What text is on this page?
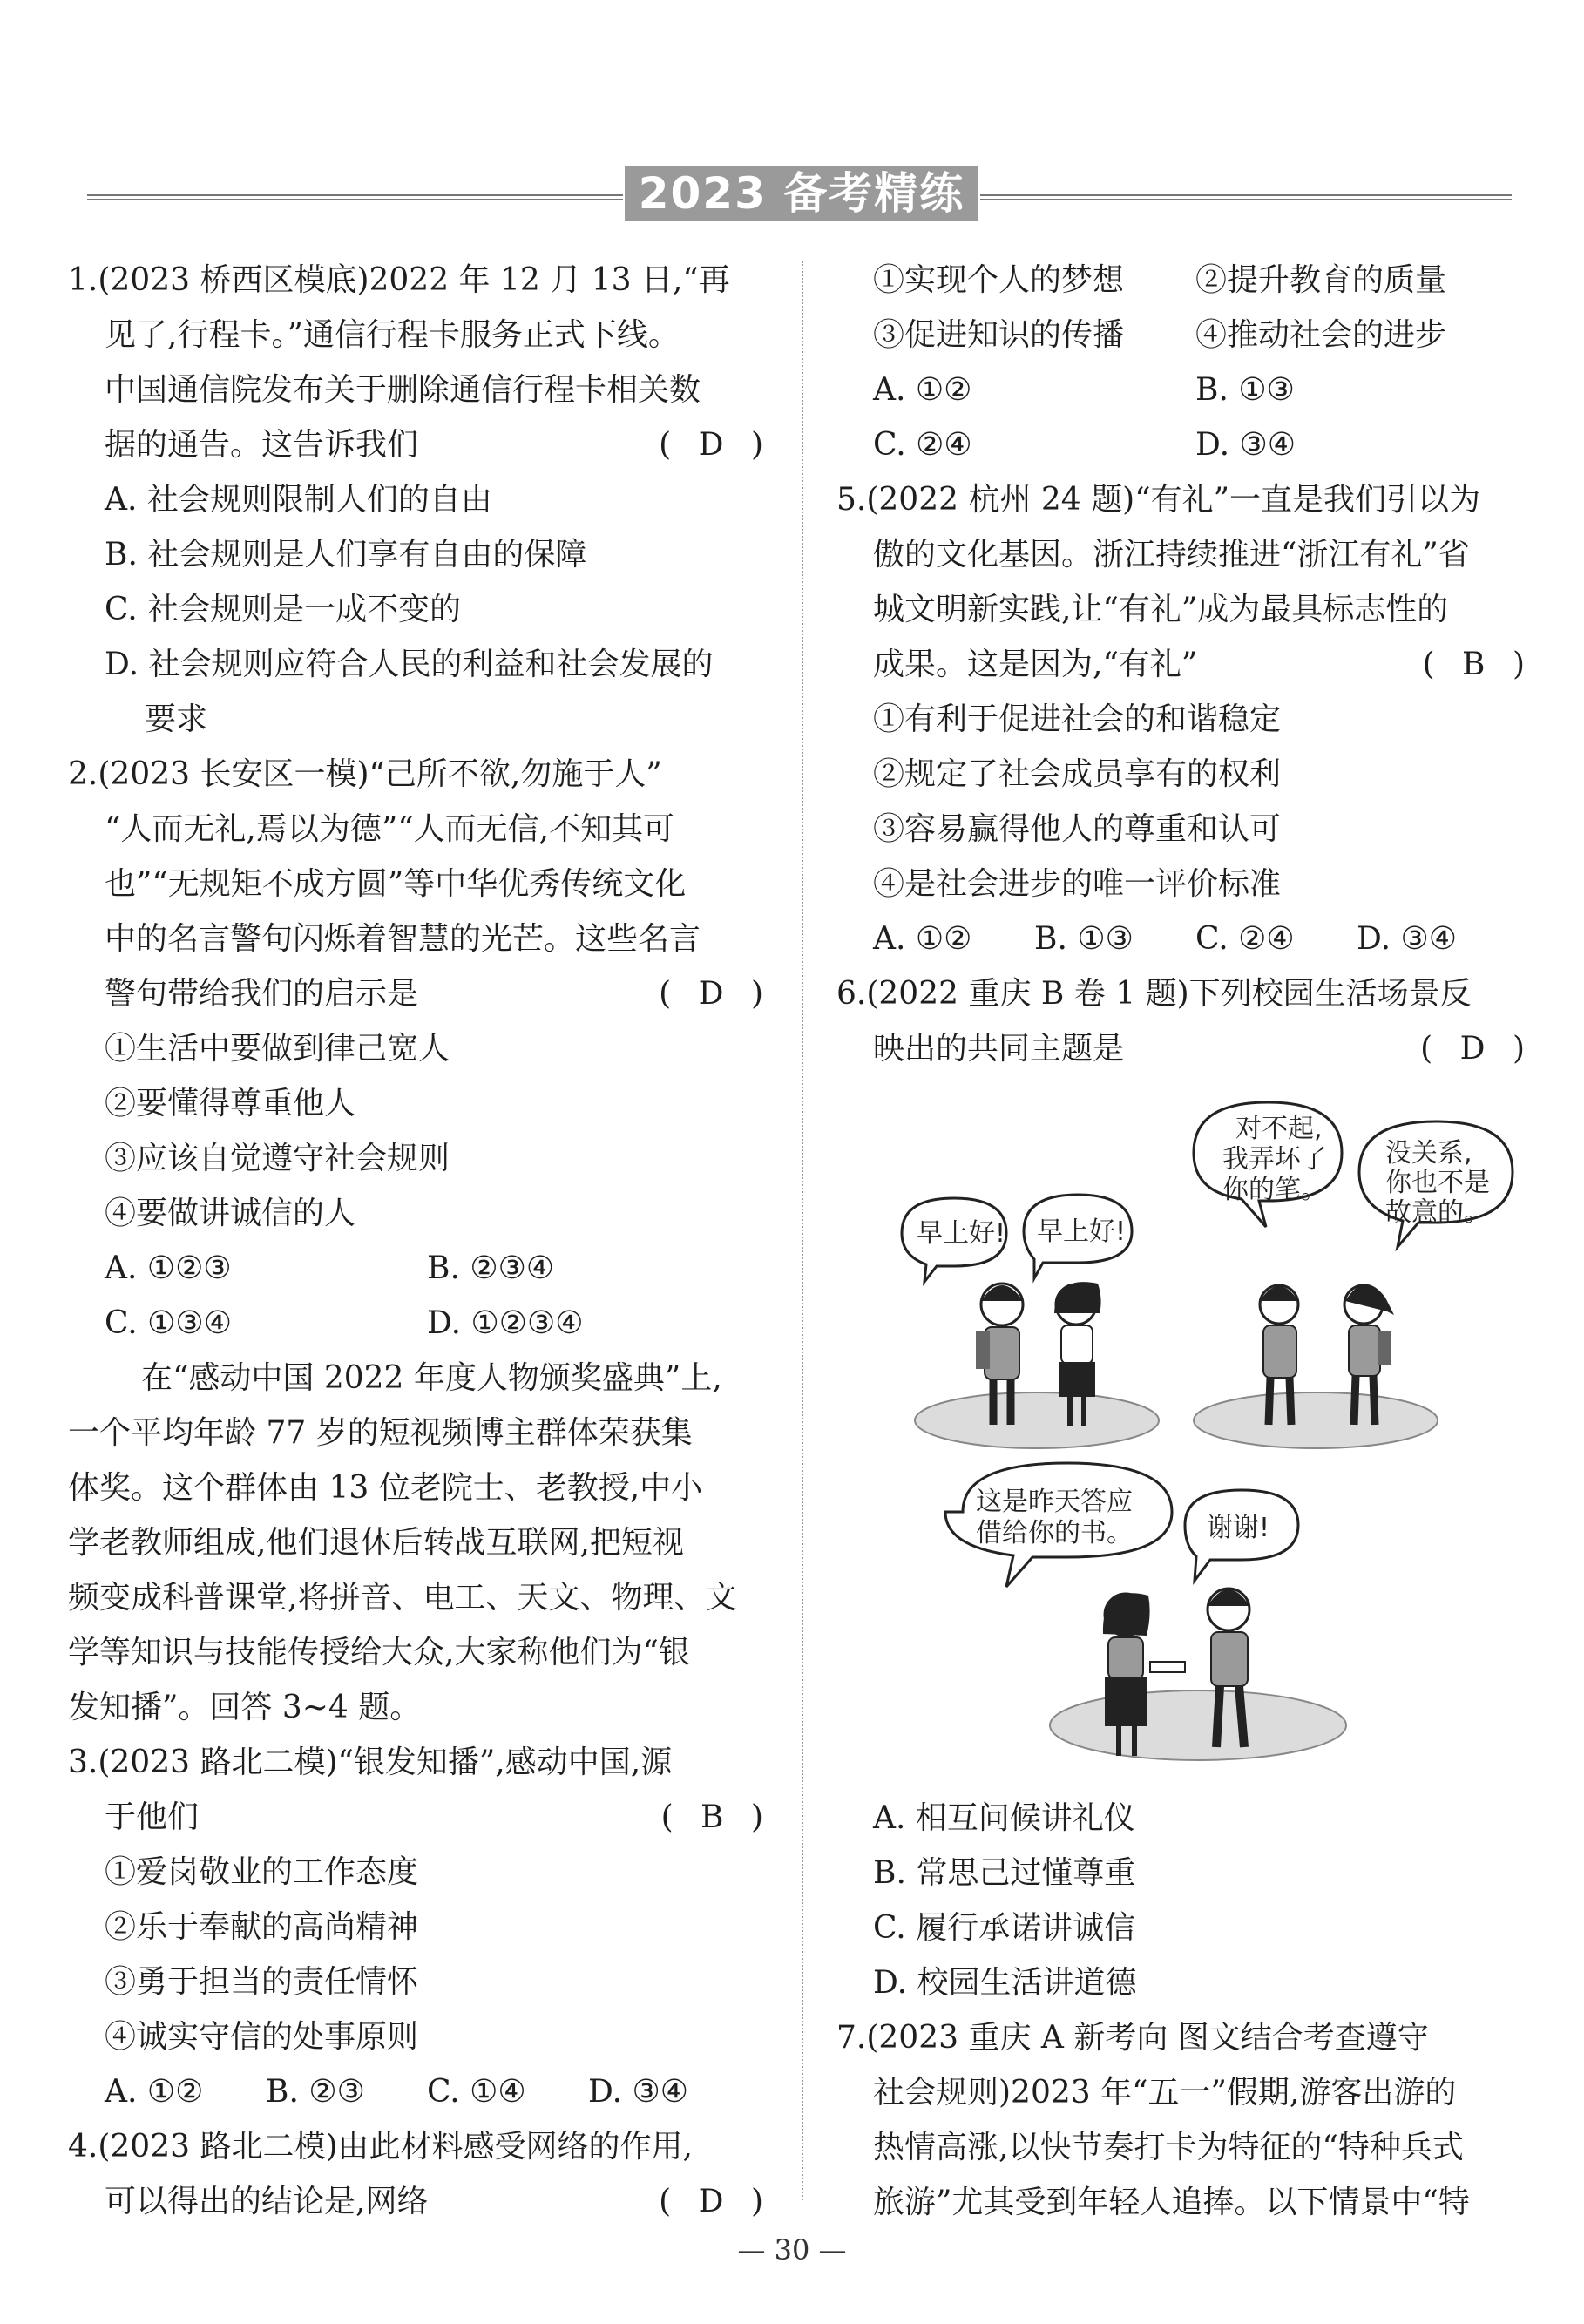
2023 备考精练
1.(2023 桥西区模底)2022 年 12 月 13 日,“再
见了,行程卡。”通信行程卡服务正式下线。
中国通信院发布关于删除通信行程卡相关数
据的通告。这告诉我们	( D )
A. 社会规则限制人们的自由
B. 社会规则是人们享有自由的保障
C. 社会规则是一成不变的
D. 社会规则应符合人民的利益和社会发展的
要求
2.(2023 长安区一模)“己所不欲,勿施于人”
“人而无礼,焉以为德”“人而无信,不知其可
也”“无规矩不成方圆”等中华优秀传统文化
中的名言警句闪烁着智慧的光芒。这些名言
警句带给我们的启示是	( D )
①生活中要做到律己宽人
②要懂得尊重他人
③应该自觉遵守社会规则
④要做讲诚信的人
A. ①②③	B. ②③④
C. ①③④	D. ①②③④
在“感动中国 2022 年度人物颁奖盛典”上,
一个平均年龄 77 岁的短视频博主群体荣获集
体奖。这个群体由 13 位老院士、老教授,中小
学老教师组成,他们退休后转战互联网,把短视
频变成科普课堂,将拼音、电工、天文、物理、文
学等知识与技能传授给大众,大家称他们为“银
发知播”。回答 3~4 题。
3.(2023 路北二模)“银发知播”,感动中国,源
于他们	( B )
①爱岗敬业的工作态度
②乐于奉献的高尚精神
③勇于担当的责任情怀
④诚实守信的处事原则
A. ①②	B. ②③	C. ①④	D. ③④
4.(2023 路北二模)由此材料感受网络的作用,
可以得出的结论是,网络	( D )
①实现个人的梦想	②提升教育的质量
③促进知识的传播	④推动社会的进步
A. ①②	B. ①③
C. ②④	D. ③④
5.(2022 杭州 24 题)“有礼”一直是我们引以为
傲的文化基因。浙江持续推进“浙江有礼”省
城文明新实践,让“有礼”成为最具标志性的
成果。这是因为,“有礼”	( B )
①有利于促进社会的和谐稳定
②规定了社会成员享有的权利
③容易赢得他人的尊重和认可
④是社会进步的唯一评价标准
A. ①②	B. ①③	C. ②④	D. ③④
6.(2022 重庆 B 卷 1 题)下列校园生活场景反
映出的共同主题是	( D )
早上好! 早上好!
对不起,
我弄坏了
你的笔。
没关系,
你也不是
故意的。
这是昨天答应
借给你的书。	谢谢!
A. 相互问候讲礼仪
B. 常思己过懂尊重
C. 履行承诺讲诚信
D. 校园生活讲道德
7.(2023 重庆 A 新考向 图文结合考查遵守
社会规则)2023 年“五一”假期,游客出游的
热情高涨,以快节奏打卡为特征的“特种兵式
旅游”尤其受到年轻人追捧。以下情景中“特
— 30 —
